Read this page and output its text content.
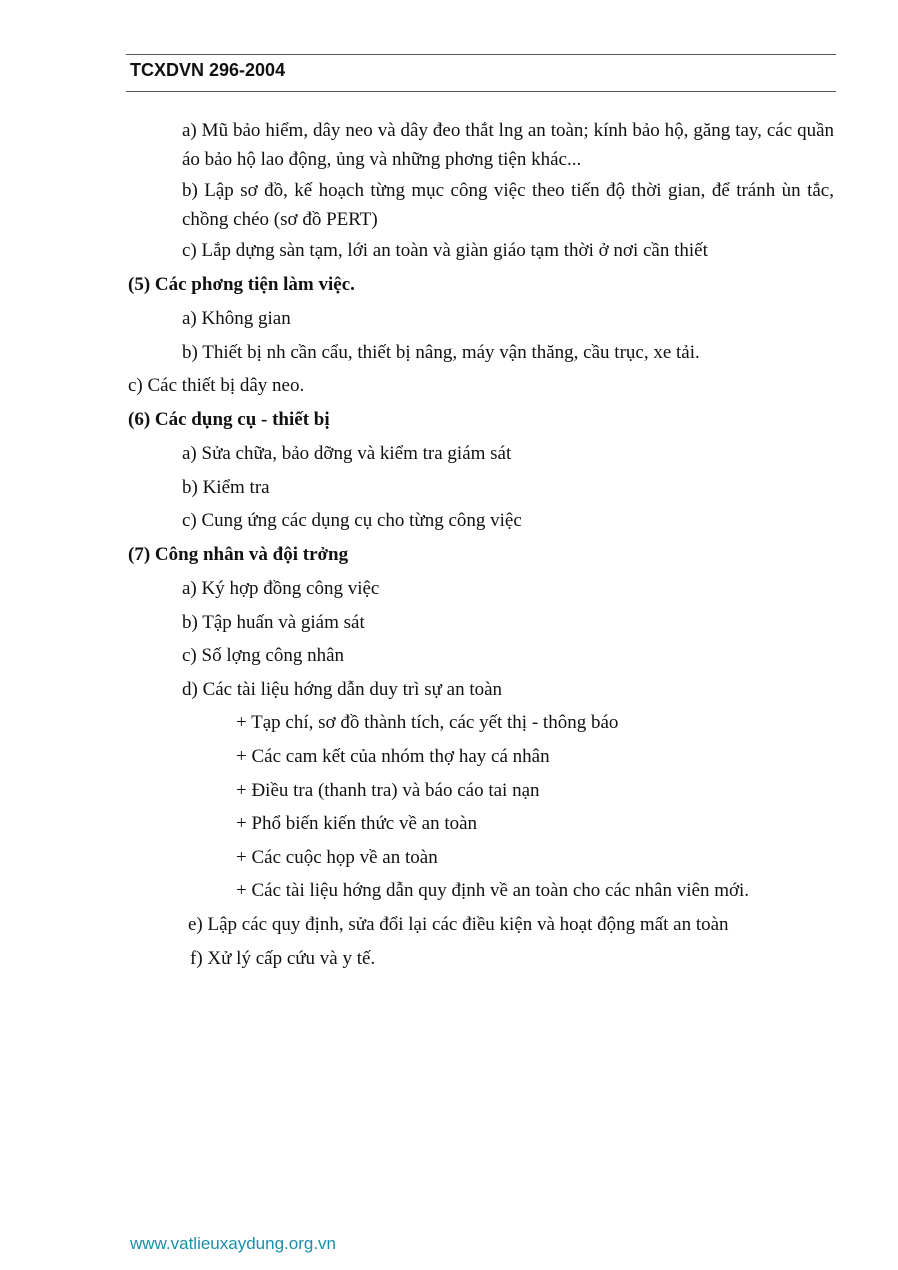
TCXDVN 296-2004

a) Mũ bảo hiểm, dây neo và dây đeo thắt lng an toàn; kính bảo hộ, găng tay, các quần áo bảo hộ lao động, ủng và những phơng tiện khác...

b) Lập sơ đồ, kế hoạch từng mục công việc theo tiến độ thời gian, để tránh ùn tắc, chồng chéo (sơ đồ PERT)

c) Lắp dựng sàn tạm, lới an toàn và giàn giáo tạm thời ở nơi cần thiết

(5) Các phơng tiện làm việc.

a) Không gian

b) Thiết bị nh cần cẩu, thiết bị nâng, máy vận thăng, cầu trục, xe tải.

c) Các thiết bị dây neo.

(6) Các dụng cụ - thiết bị

a) Sửa chữa, bảo dỡng và kiểm tra giám sát

b) Kiểm tra

c) Cung ứng các dụng cụ cho từng công việc

(7) Công nhân và đội trởng

a) Ký hợp đồng công việc

b) Tập huấn và giám sát

c) Số lợng công nhân

d) Các tài liệu hớng dẫn duy trì sự an toàn

+ Tạp chí, sơ đồ thành tích, các yết thị - thông báo

+ Các cam kết của nhóm thợ hay cá nhân

+ Điều tra (thanh tra) và báo cáo tai nạn

+ Phổ biến kiến thức về an toàn

+ Các cuộc họp về an toàn

+ Các tài liệu hớng dẫn quy định về an toàn cho các nhân viên mới.

e) Lập các quy định, sửa đổi lại các điều kiện và hoạt động mất an toàn

f) Xử lý cấp cứu và y tế.

www.vatlieuxaydung.org.vn
